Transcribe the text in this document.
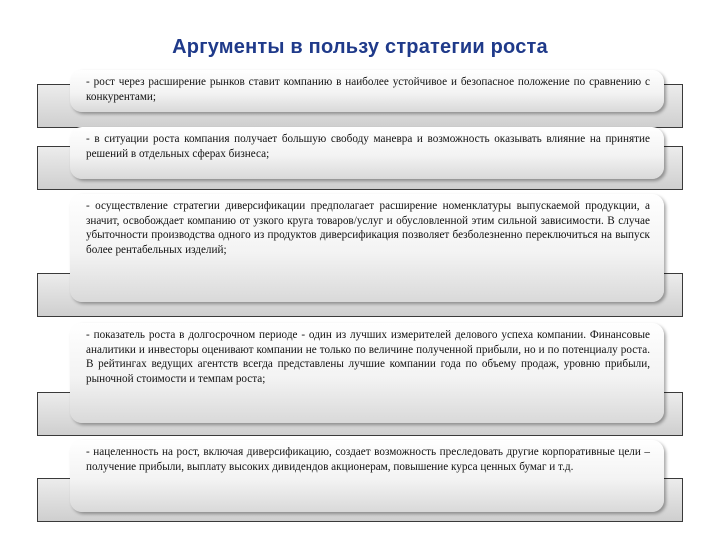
Аргументы в пользу стратегии роста

- рост через расширение рынков ставит компанию в наиболее устойчивое и безопасное положение по сравнению с конкурентами;

- в ситуации роста компания получает большую свободу маневра и возможность оказывать влияние на принятие решений в отдельных сферах бизнеса;

- осуществление стратегии диверсификации предполагает расширение номенклатуры выпускаемой продукции, а значит, освобождает компанию от узкого круга товаров/услуг и обусловленной этим сильной зависимости. В случае убыточности производства одного из продуктов диверсификация позволяет безболезненно переключиться на выпуск более рентабельных изделий;

- показатель роста в долгосрочном периоде - один из лучших измерителей делового успеха компании. Финансовые аналитики и инвесторы оценивают компании не только по величине полученной прибыли, но и по потенциалу роста. В рейтингах ведущих агентств всегда представлены лучшие компании года по объему продаж, уровню прибыли, рыночной стоимости и темпам роста;

- нацеленность на рост, включая диверсификацию, создает возможность преследовать другие корпоративные цели – получение прибыли, выплату высоких дивидендов акционерам, повышение курса ценных бумаг и т.д.
